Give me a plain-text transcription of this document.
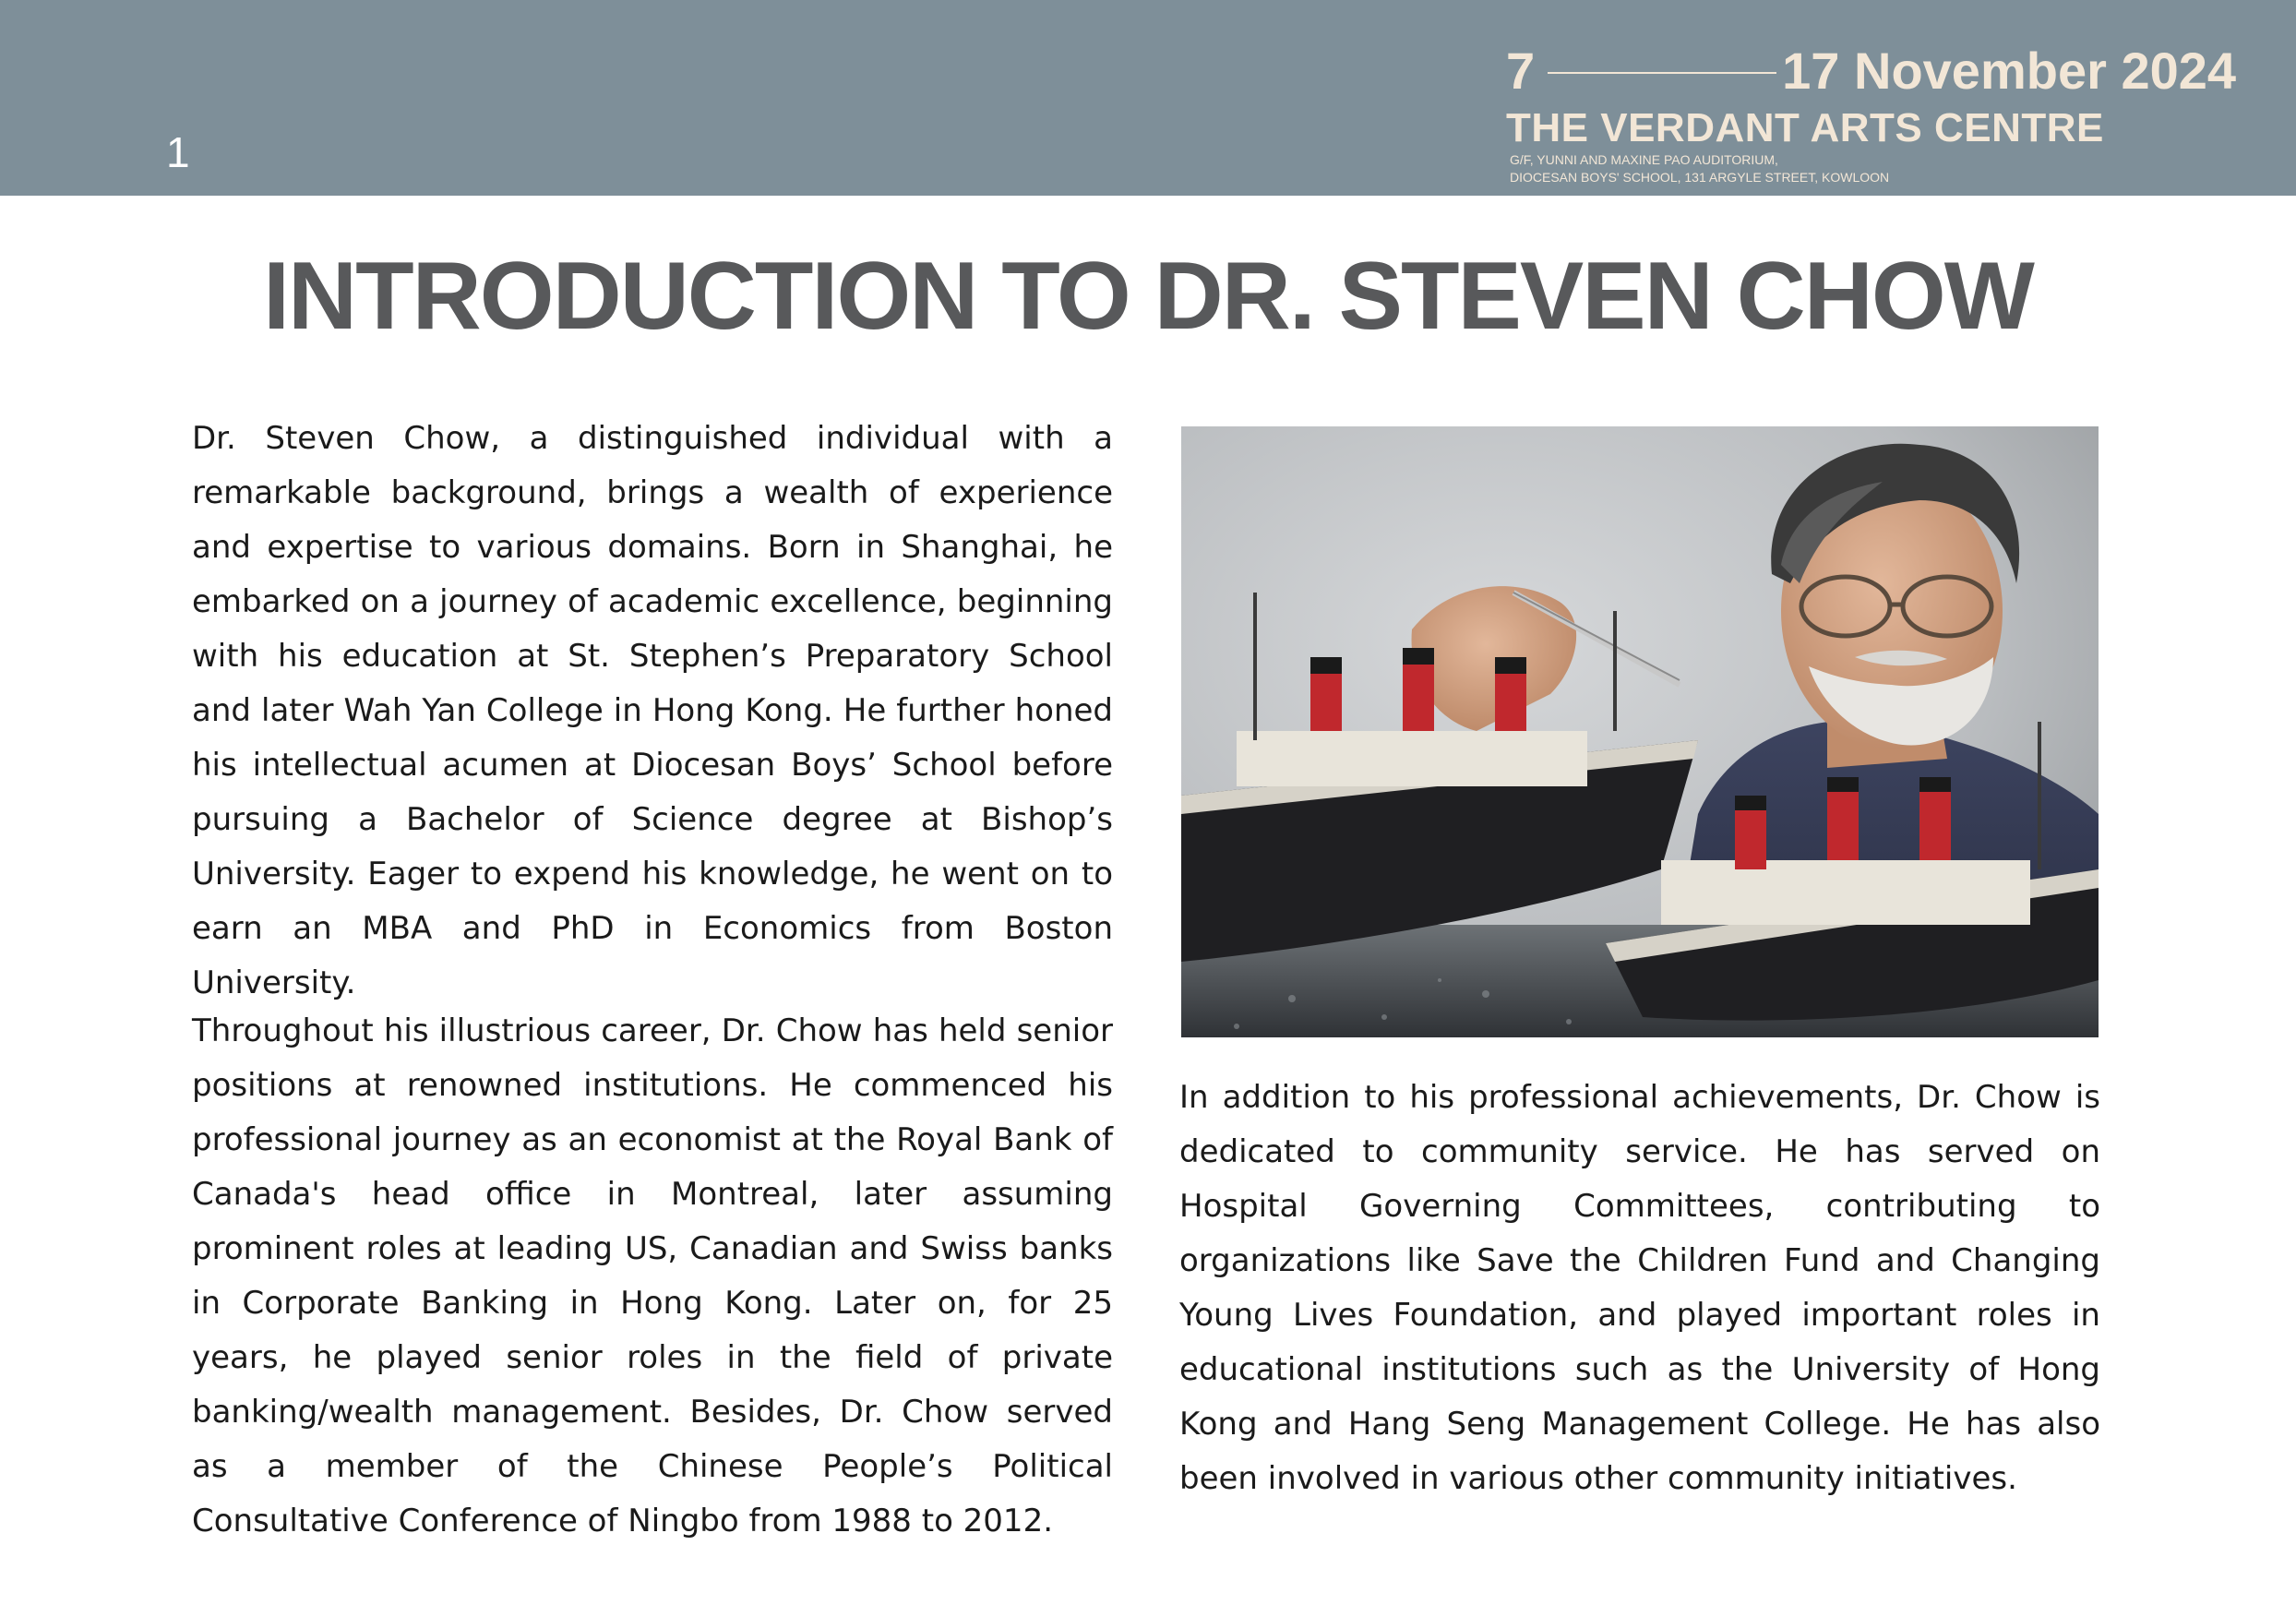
1
7	17 November 2024
THE VERDANT ARTS CENTRE
G/F, YUNNI AND MAXINE PAO AUDITORIUM,
DIOCESAN BOYS' SCHOOL, 131 ARGYLE STREET, KOWLOON
INTRODUCTION TO DR. STEVEN CHOW

Dr. Steven Chow, a distinguished individual with a remarkable background, brings a wealth of experience and expertise to various domains. Born in Shanghai, he embarked on a journey of academic excellence, beginning with his education at St. Stephen’s Preparatory School and later Wah Yan College in Hong Kong. He further honed his intellectual acumen at Diocesan Boys’ School before pursuing a Bachelor of Science degree at Bishop’s University. Eager to expend his knowledge, he went on to earn an MBA and PhD in Economics from Boston University.

Throughout his illustrious career, Dr. Chow has held senior positions at renowned institutions. He commenced his professional journey as an economist at the Royal Bank of Canada's head office in Montreal, later assuming prominent roles at leading US, Canadian and Swiss banks in Corporate Banking in Hong Kong. Later on, for 25 years, he played senior roles in the field of private banking/wealth management. Besides, Dr. Chow served as a member of the Chinese People’s Political Consultative Conference of Ningbo from 1988 to 2012.

In addition to his professional achievements, Dr. Chow is dedicated to community service. He has served on Hospital Governing Committees, contributing to organizations like Save the Children Fund and Changing Young Lives Foundation, and played important roles in educational institutions such as the University of Hong Kong and Hang Seng Management College. He has also been involved in various other community initiatives.
